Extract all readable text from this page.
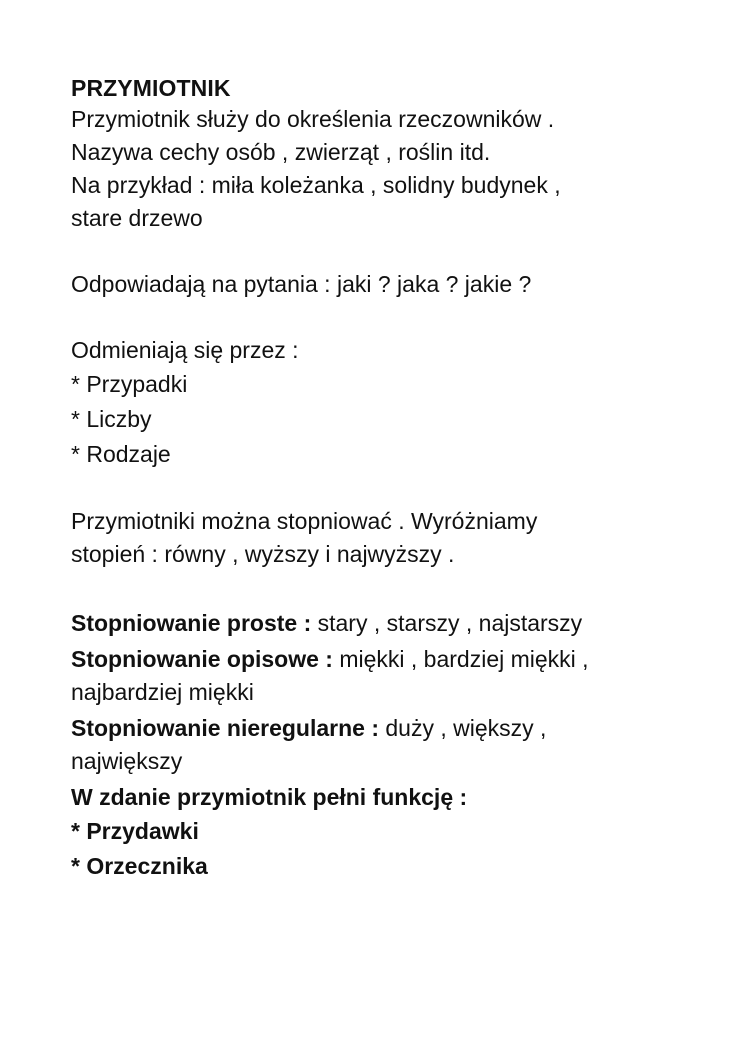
PRZYMIOTNIK

Przymiotnik służy do określenia rzeczowników .

Nazywa cechy osób , zwierząt , roślin itd.

Na przykład : miła koleżanka , solidny budynek ,

stare drzewo

Odpowiadają na pytania : jaki ? jaka ? jakie ?

Odmieniają się przez :

* Przypadki
* Liczby
* Rodzaje

Przymiotniki można stopniować . Wyróżniamy

stopień : równy , wyższy i najwyższy .

Stopniowanie proste : stary , starszy , najstarszy

Stopniowanie opisowe : miękki , bardziej miękki ,
najbardziej miękki

Stopniowanie nieregularne : duży , większy ,
największy

W zdanie przymiotnik pełni funkcję :

* Przydawki
* Orzecznika
